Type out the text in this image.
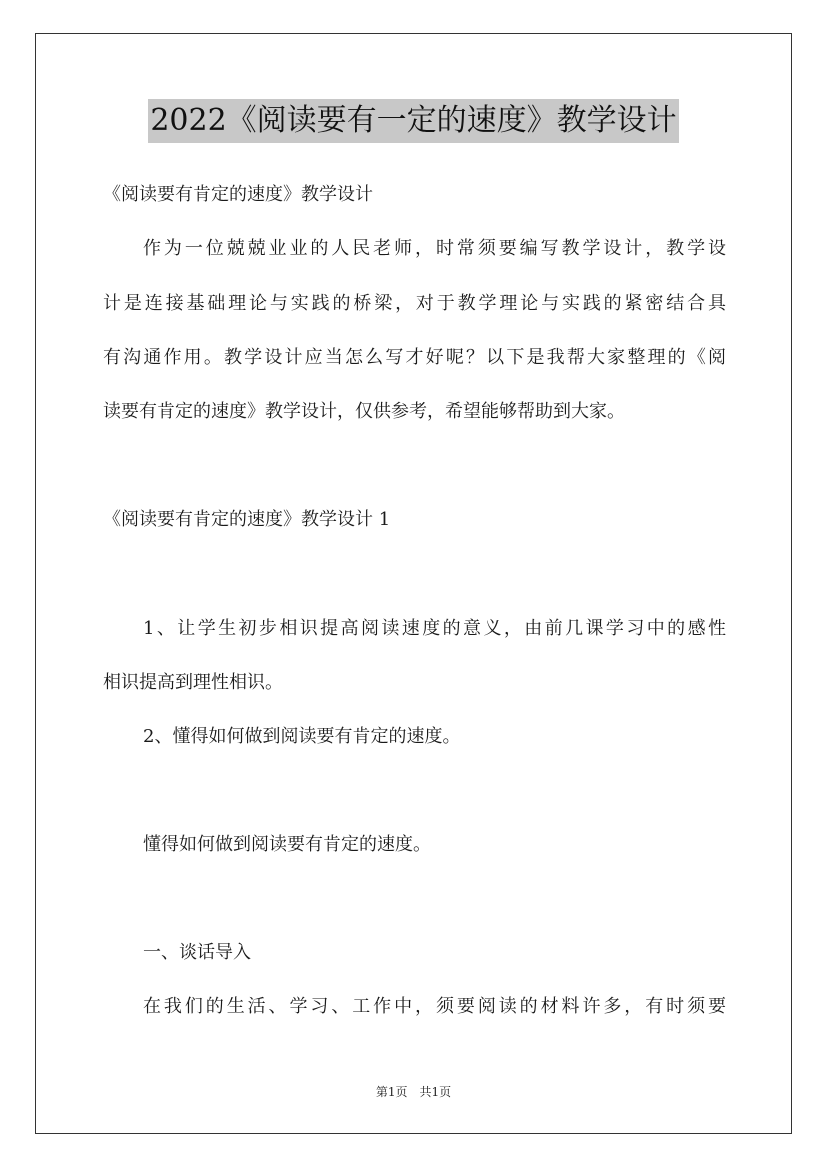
2022《阅读要有一定的速度》教学设计
《阅读要有肯定的速度》教学设计
作为一位兢兢业业的人民老师，时常须要编写教学设计，教学设
计是连接基础理论与实践的桥梁，对于教学理论与实践的紧密结合具
有沟通作用。教学设计应当怎么写才好呢？以下是我帮大家整理的《阅
读要有肯定的速度》教学设计，仅供参考，希望能够帮助到大家。
《阅读要有肯定的速度》教学设计 1
1、让学生初步相识提高阅读速度的意义，由前几课学习中的感性
相识提高到理性相识。
2、懂得如何做到阅读要有肯定的速度。
懂得如何做到阅读要有肯定的速度。
一、谈话导入
在我们的生活、学习、工作中，须要阅读的材料许多，有时须要
第1页　共1页
